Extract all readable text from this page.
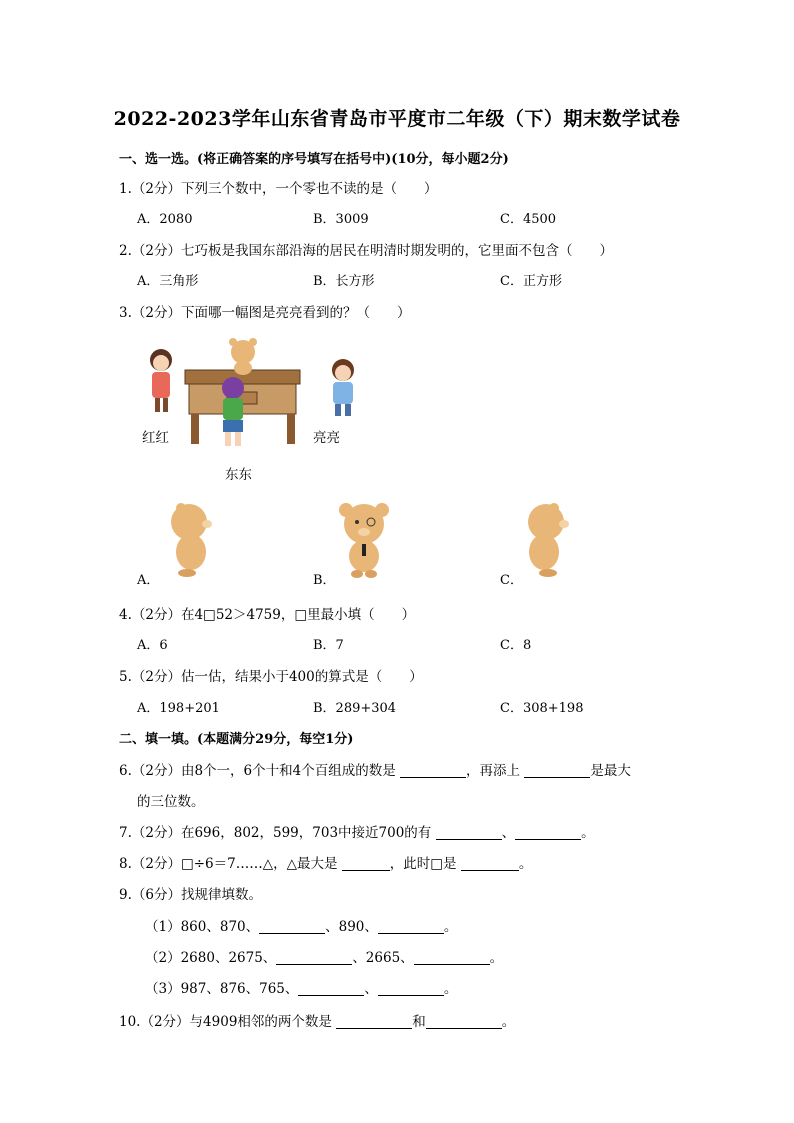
2022-2023学年山东省青岛市平度市二年级（下）期末数学试卷
一、选一选。(将正确答案的序号填写在括号中)(10分，每小题2分)
1.（2分）下列三个数中，一个零也不读的是（　　）
A．2080	B．3009	C．4500
2.（2分）七巧板是我国东部沿海的居民在明清时期发明的，它里面不包含（　　）
A．三角形	B．长方形	C．正方形
3.（2分）下面哪一幅图是亮亮看到的？（　　）
红红	亮亮
东东
A．	B．	C．
4.（2分）在4□52＞4759，□里最小填（　　）
A．6	B．7	C．8
5.（2分）估一估，结果小于400的算式是（　　）
A．198+201	B．289+304	C．308+198
二、填一填。(本题满分29分，每空1分)
6.（2分）由8个一，6个十和4个百组成的数是	，再添上	是最大
的三位数。
7.（2分）在696，802，599，703中接近700的有	、	。
8.（2分）□÷6＝7……△，△最大是	，此时□是	。
9.（6分）找规律填数。
（1）860、870、	、890、	。
（2）2680、2675、	、2665、	。
（3）987、876、765、	、	。
10.（2分）与4909相邻的两个数是	和	。
